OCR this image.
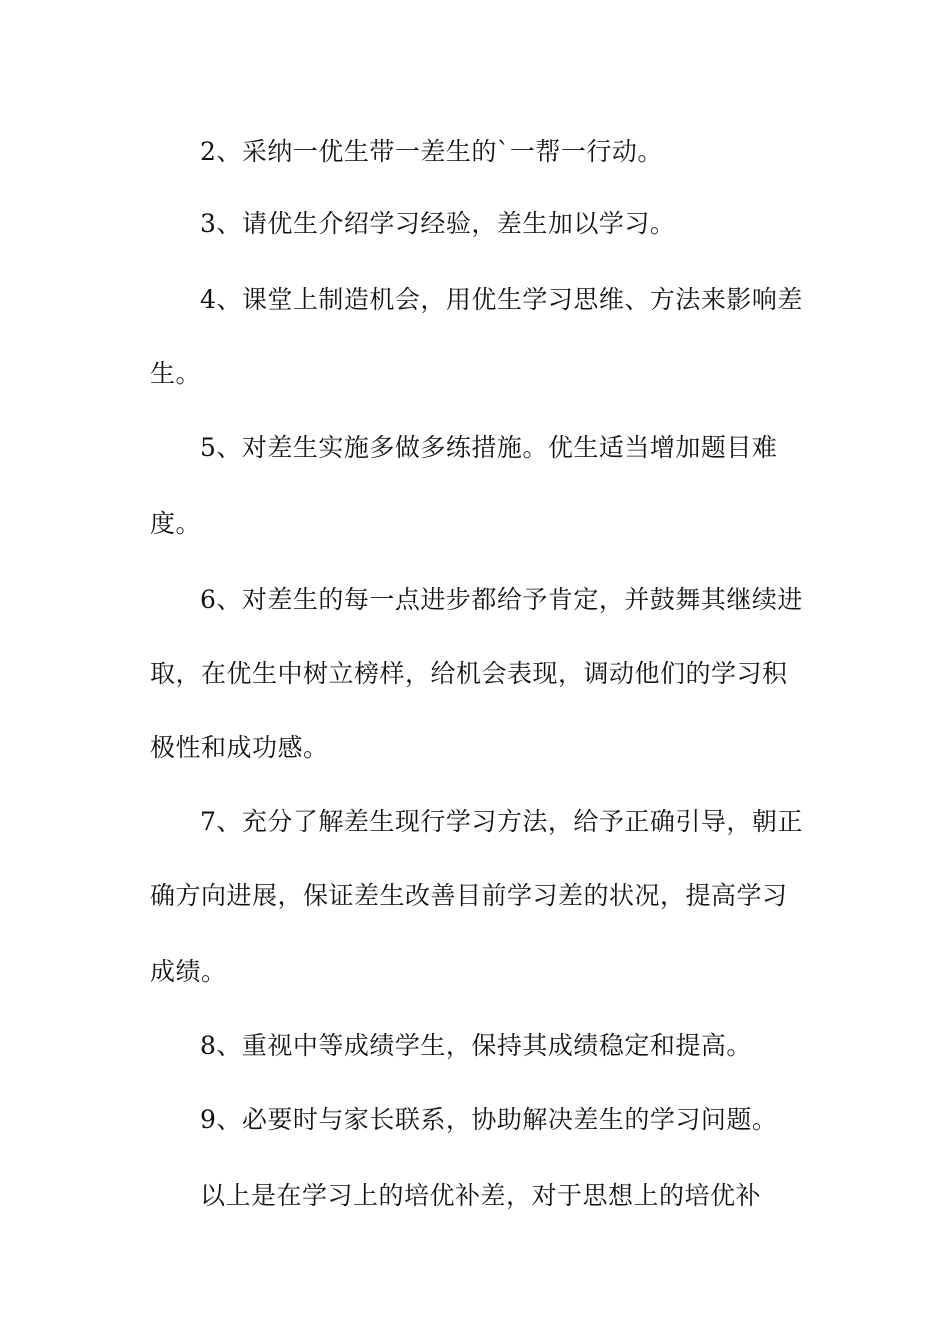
2、采纳一优生带一差生的`一帮一行动。
3、请优生介绍学习经验，差生加以学习。
4、课堂上制造机会，用优生学习思维、方法来影响差
生。
5、对差生实施多做多练措施。优生适当增加题目难
度。
6、对差生的每一点进步都给予肯定，并鼓舞其继续进
取，在优生中树立榜样，给机会表现，调动他们的学习积
极性和成功感。
7、充分了解差生现行学习方法，给予正确引导，朝正
确方向进展，保证差生改善目前学习差的状况，提高学习
成绩。
8、重视中等成绩学生，保持其成绩稳定和提高。
9、必要时与家长联系，协助解决差生的学习问题。
以上是在学习上的培优补差，对于思想上的培优补
